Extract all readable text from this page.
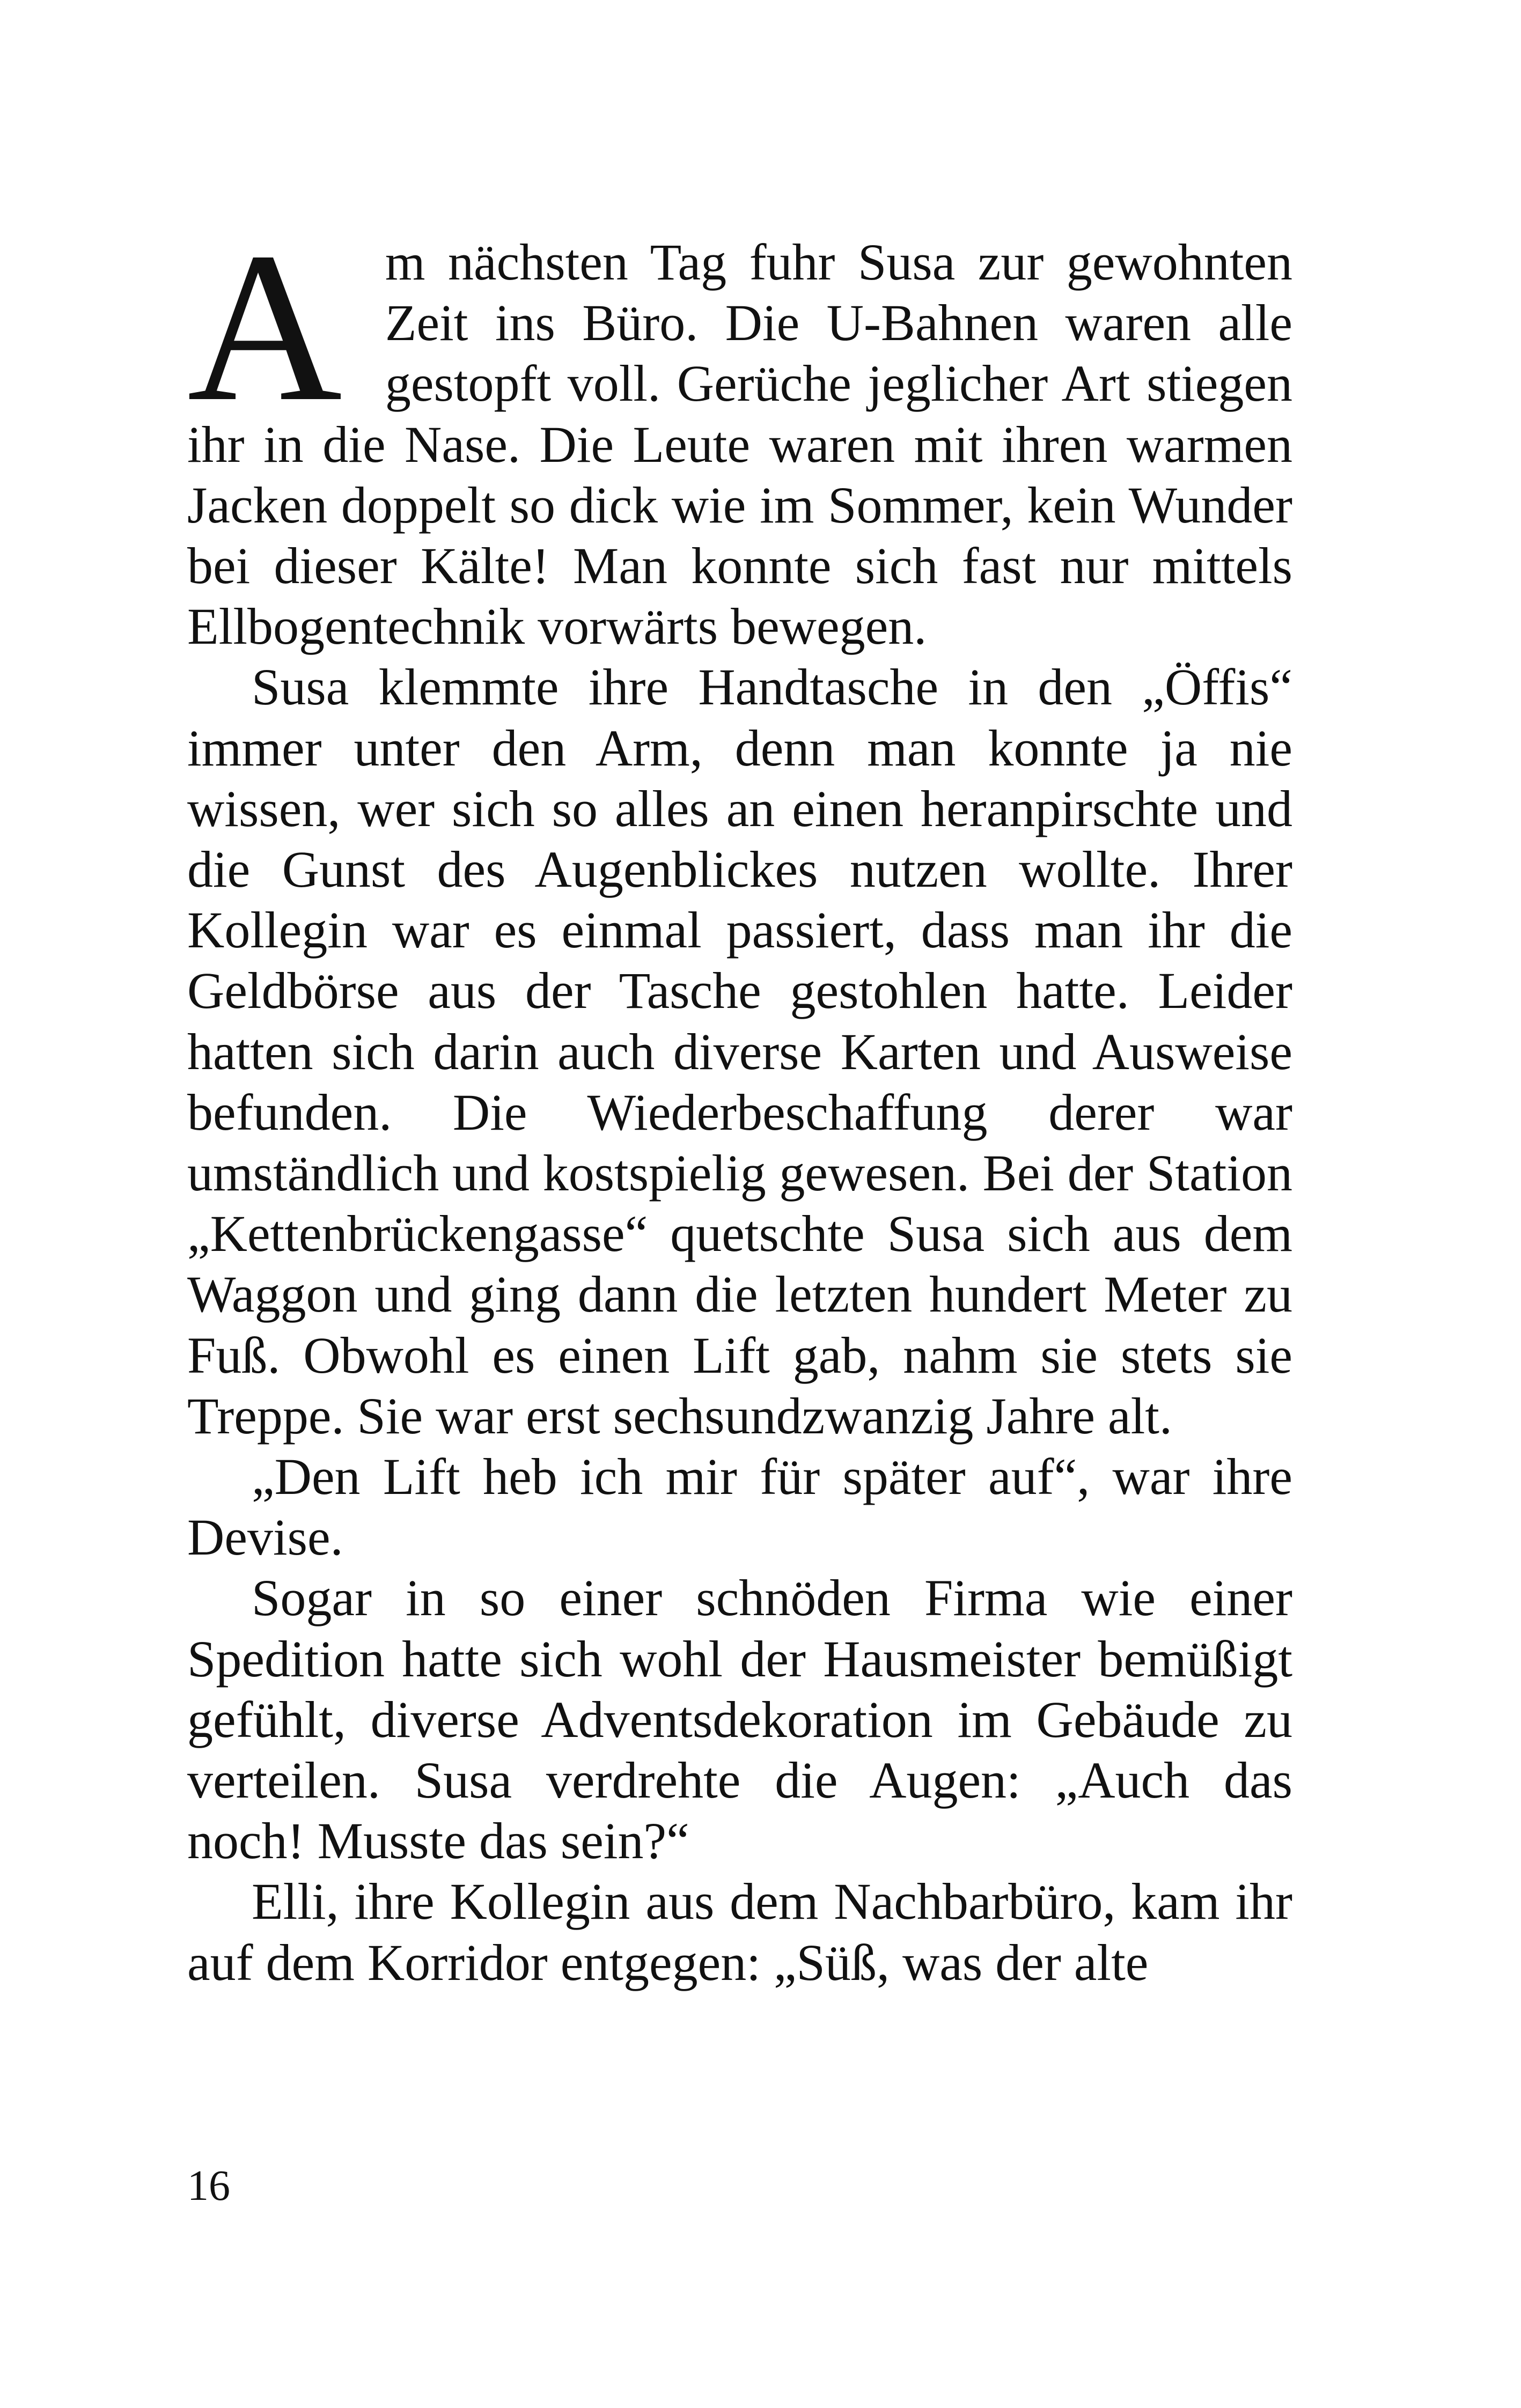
Am nächsten Tag fuhr Susa zur gewohnten Zeit ins Büro. Die U-Bahnen waren alle gestopft voll. Gerüche jeglicher Art stiegen ihr in die Nase. Die Leute waren mit ihren warmen Jacken doppelt so dick wie im Sommer, kein Wunder bei dieser Kälte! Man konnte sich fast nur mittels Ellbogentechnik vorwärts bewegen.

Susa klemmte ihre Handtasche in den „Öffis“ immer unter den Arm, denn man konnte ja nie wissen, wer sich so alles an einen heranpirschte und die Gunst des Augenblickes nutzen wollte. Ihrer Kollegin war es einmal passiert, dass man ihr die Geldbörse aus der Tasche gestohlen hatte. Leider hatten sich darin auch diverse Karten und Ausweise befunden. Die Wiederbeschaffung derer war umständlich und kostspielig gewesen. Bei der Station „Kettenbrückengasse“ quetschte Susa sich aus dem Waggon und ging dann die letzten hundert Meter zu Fuß. Obwohl es einen Lift gab, nahm sie stets sie Treppe. Sie war erst sechsundzwanzig Jahre alt.

„Den Lift heb ich mir für später auf“, war ihre Devise.

Sogar in so einer schnöden Firma wie einer Spedition hatte sich wohl der Hausmeister bemüßigt gefühlt, diverse Adventsdekoration im Gebäude zu verteilen. Susa verdrehte die Augen: „Auch das noch! Musste das sein?“

Elli, ihre Kollegin aus dem Nachbarbüro, kam ihr auf dem Korridor entgegen: „Süß, was der alte

16
